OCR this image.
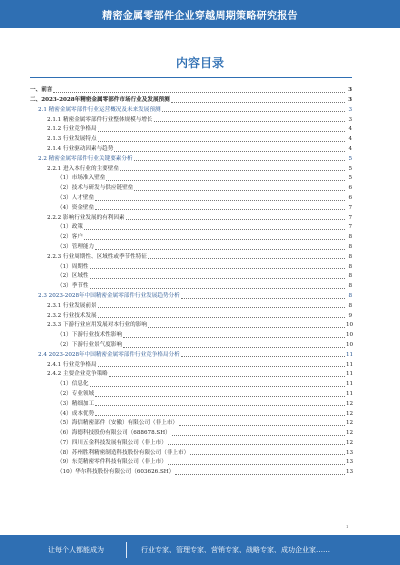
精密金属零部件企业穿越周期策略研究报告
内容目录
一、前言	3
二、2023-2028年精密金属零部件市场行业及发展预测	3
2.1 精密金属零部件行业运营概况及未来发展预测	3
2.1.1 精密金属零部件行业整体规模与增长	3
2.1.2 行业竞争格局	4
2.1.3 行业发展特点	4
2.1.4 行业驱动因素与趋势	4
2.2 精密金属零部件行业关键要素分析	5
2.2.1 进入本行业的主要壁垒	5
（1）市场准入壁垒	5
（2）技术与研发与供应链壁垒	6
（3）人才壁垒	6
（4）资金壁垒	7
2.2.2 影响行业发展的有利因素	7
（1）政策	7
（2）客户	8
（3）管理能力	8
2.2.3 行业周期性、区域性或季节性特征	8
（1）周期性	8
（2）区域性	8
（3）季节性	8
2.3 2023-2028年中国精密金属零部件行业发展趋势分析	8
2.3.1 行业发展前景	8
2.3.2 行业技术发展	9
2.3.3 下游行业应用发展对本行业的影响	10
（1）下游行业技术性影响	10
（2）下游行业景气度影响	10
2.4 2023-2028年中国精密金属零部件行业竞争格局分析	11
2.4.1 行业竞争格局	11
2.4.2 主要企业竞争策略	11
（1）信息化	11
（2）专业领域	11
（3）精细加工	12
（4）成本优势	12
（5）海信精密部件（安徽）有限公司（非上市）	12
（6）海德科技股份有限公司（688678.SH）	12
（7）四川五金科技发展有限公司（非上市）	12
（8）苏州胜利精密制造科技股份有限公司（非上市）	13
（9）东莞精密零件科技有限公司（非上市）	13
（10）华尔科技股份有限公司（603626.SH）	13
1
让每个人都能成为	行业专家、管理专家、营销专家、战略专家、成功企业家……
